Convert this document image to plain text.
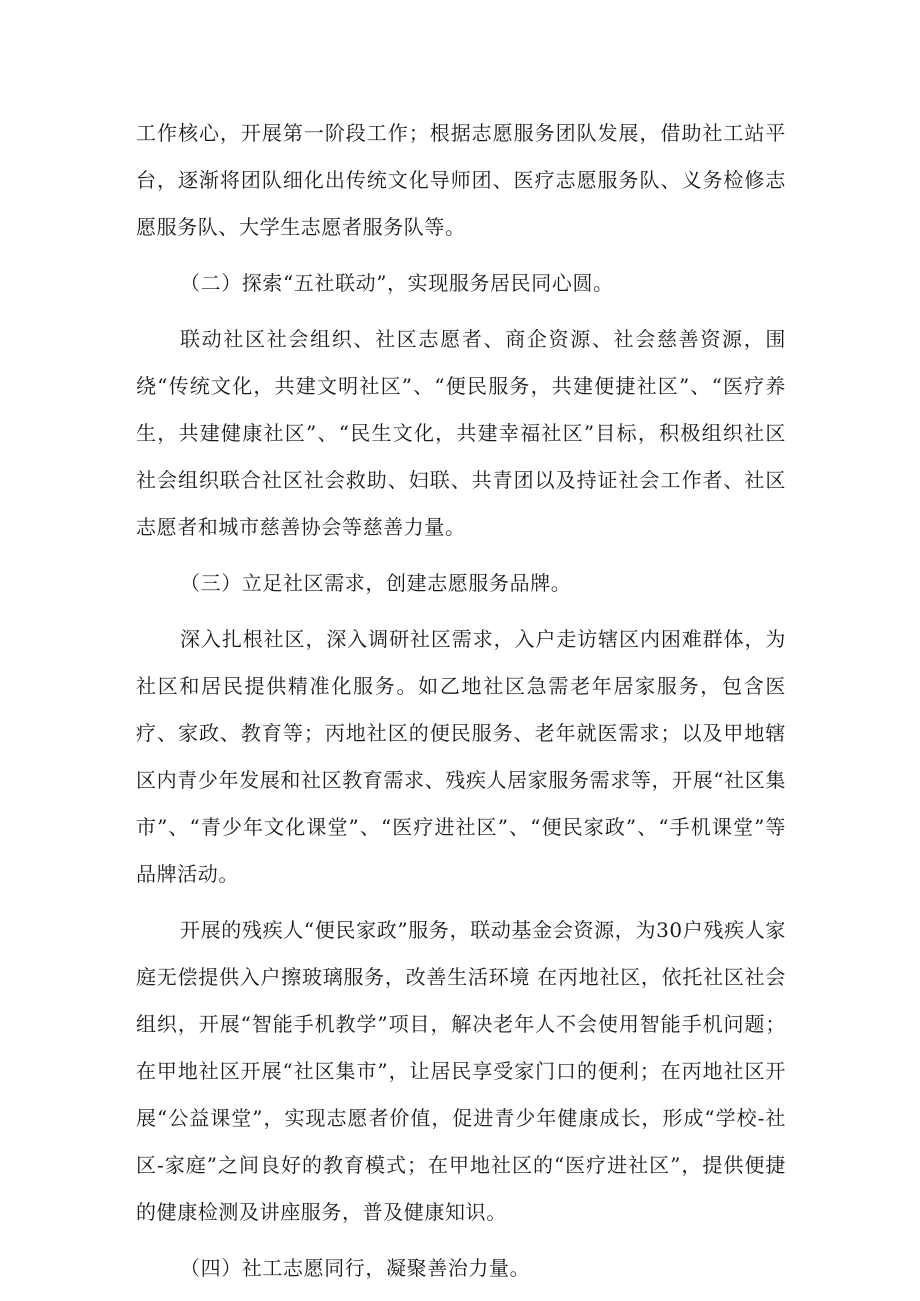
工作核心，开展第一阶段工作；根据志愿服务团队发展，借助社工站平台，逐渐将团队细化出传统文化导师团、医疗志愿服务队、义务检修志愿服务队、大学生志愿者服务队等。

（二）探索“五社联动”，实现服务居民同心圆。

联动社区社会组织、社区志愿者、商企资源、社会慈善资源，围绕“传统文化，共建文明社区”、“便民服务，共建便捷社区”、“医疗养生，共建健康社区”、“民生文化，共建幸福社区”目标，积极组织社区社会组织联合社区社会救助、妇联、共青团以及持证社会工作者、社区志愿者和城市慈善协会等慈善力量。

（三）立足社区需求，创建志愿服务品牌。

深入扎根社区，深入调研社区需求，入户走访辖区内困难群体，为社区和居民提供精准化服务。如乙地社区急需老年居家服务，包含医疗、家政、教育等；丙地社区的便民服务、老年就医需求；以及甲地辖区内青少年发展和社区教育需求、残疾人居家服务需求等，开展“社区集市”、“青少年文化课堂”、“医疗进社区”、“便民家政”、“手机课堂”等品牌活动。

开展的残疾人“便民家政”服务，联动基金会资源，为30户残疾人家庭无偿提供入户擦玻璃服务，改善生活环境 在丙地社区，依托社区社会组织，开展“智能手机教学”项目，解决老年人不会使用智能手机问题；在甲地社区开展“社区集市”，让居民享受家门口的便利；在丙地社区开展“公益课堂”，实现志愿者价值，促进青少年健康成长，形成“学校-社区-家庭”之间良好的教育模式；在甲地社区的“医疗进社区”，提供便捷的健康检测及讲座服务，普及健康知识。

（四）社工志愿同行，凝聚善治力量。
